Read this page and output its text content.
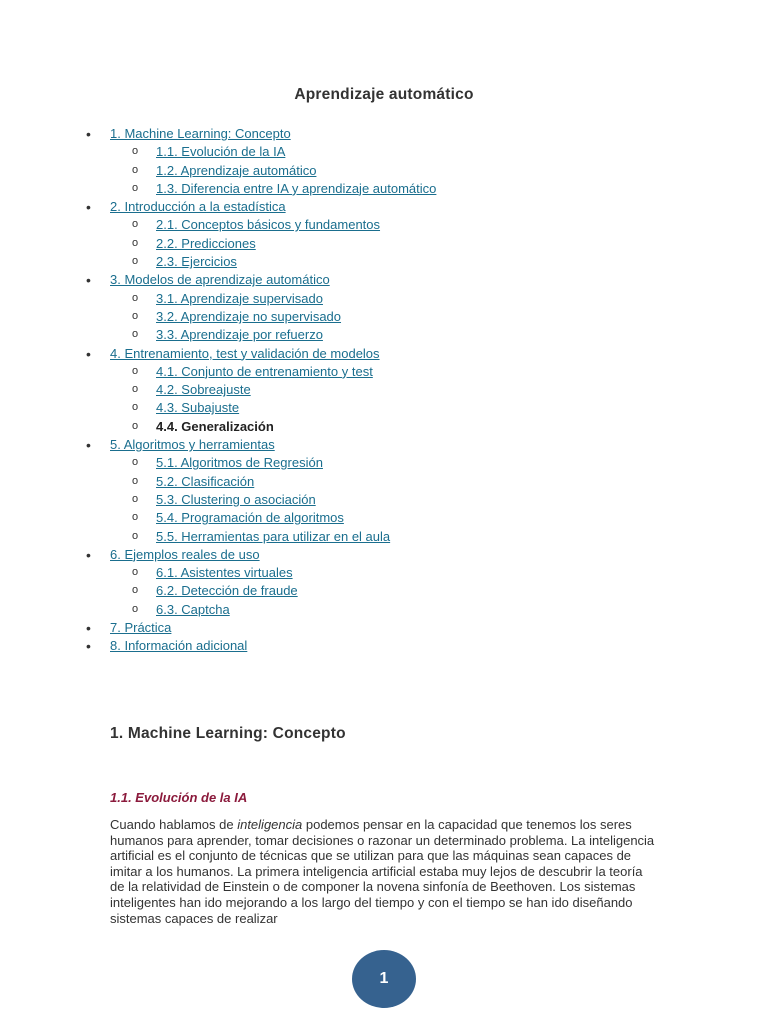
Aprendizaje automático
• 1. Machine Learning: Concepto
o 1.1. Evolución de la IA
o 1.2. Aprendizaje automático
o 1.3. Diferencia entre IA y aprendizaje automático
• 2. Introducción a la estadística
o 2.1. Conceptos básicos y fundamentos
o 2.2. Predicciones
o 2.3. Ejercicios
• 3. Modelos de aprendizaje automático
o 3.1. Aprendizaje supervisado
o 3.2. Aprendizaje no supervisado
o 3.3. Aprendizaje por refuerzo
• 4. Entrenamiento, test y validación de modelos
o 4.1. Conjunto de entrenamiento y test
o 4.2. Sobreajuste
o 4.3. Subajuste
o 4.4. Generalización
• 5. Algoritmos y herramientas
o 5.1. Algoritmos de Regresión
o 5.2. Clasificación
o 5.3. Clustering o asociación
o 5.4. Programación de algoritmos
o 5.5. Herramientas para utilizar en el aula
• 6. Ejemplos reales de uso
o 6.1. Asistentes virtuales
o 6.2. Detección de fraude
o 6.3. Captcha
• 7. Práctica
• 8. Información adicional
1. Machine Learning: Concepto
1.1. Evolución de la IA

Cuando hablamos de inteligencia podemos pensar en la capacidad que tenemos los seres humanos para aprender, tomar decisiones o razonar un determinado problema. La inteligencia artificial es el conjunto de técnicas que se utilizan para que las máquinas sean capaces de imitar a los humanos. La primera inteligencia artificial estaba muy lejos de descubrir la teoría de la relatividad de Einstein o de componer la novena sinfonía de Beethoven. Los sistemas inteligentes han ido mejorando a los largo del tiempo y con el tiempo se han ido diseñando sistemas capaces de realizar

1
